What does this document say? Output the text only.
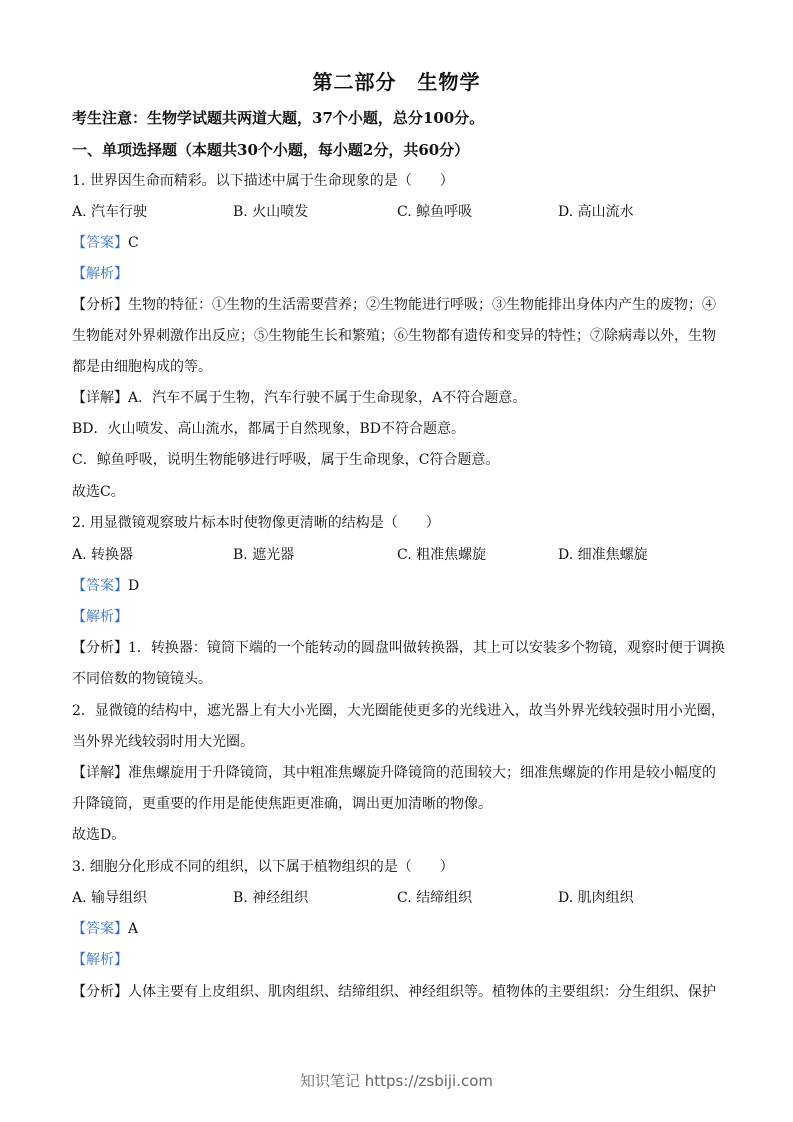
第二部分　生物学
考生注意：生物学试题共两道大题，37个小题，总分100分。
一、单项选择题（本题共30个小题，每小题2分，共60分）
1. 世界因生命而精彩。以下描述中属于生命现象的是（　　）
A. 汽车行驶	B. 火山喷发	C. 鲸鱼呼吸	D. 高山流水
【答案】C
【解析】
【分析】生物的特征：①生物的生活需要营养；②生物能进行呼吸；③生物能排出身体内产生的废物；④
生物能对外界刺激作出反应；⑤生物能生长和繁殖；⑥生物都有遗传和变异的特性；⑦除病毒以外，生物
都是由细胞构成的等。
【详解】A．汽车不属于生物，汽车行驶不属于生命现象，A不符合题意。
BD．火山喷发、高山流水，都属于自然现象，BD不符合题意。
C．鲸鱼呼吸，说明生物能够进行呼吸，属于生命现象，C符合题意。
故选C。
2. 用显微镜观察玻片标本时使物像更清晰的结构是（　　）
A. 转换器	B. 遮光器	C. 粗准焦螺旋	D. 细准焦螺旋
【答案】D
【解析】
【分析】1．转换器：镜筒下端的一个能转动的圆盘叫做转换器，其上可以安装多个物镜，观察时便于调换
不同倍数的物镜镜头。
2．显微镜的结构中，遮光器上有大小光圈，大光圈能使更多的光线进入，故当外界光线较强时用小光圈，
当外界光线较弱时用大光圈。
【详解】准焦螺旋用于升降镜筒，其中粗准焦螺旋升降镜筒的范围较大；细准焦螺旋的作用是较小幅度的
升降镜筒，更重要的作用是能使焦距更准确，调出更加清晰的物像。
故选D。
3. 细胞分化形成不同的组织，以下属于植物组织的是（　　）
A. 输导组织	B. 神经组织	C. 结缔组织	D. 肌肉组织
【答案】A
【解析】
【分析】人体主要有上皮组织、肌肉组织、结缔组织、神经组织等。植物体的主要组织：分生组织、保护
知识笔记 https://zsbiji.com
